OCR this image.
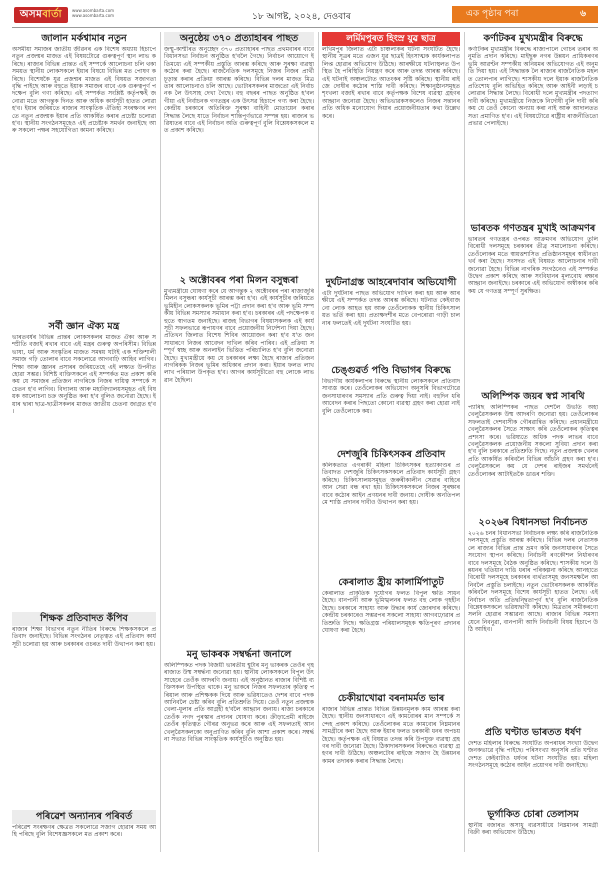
অসমবাৰ্তা	www.asombarta.com
www.asombarta.com	১৮ আগষ্ট, ২০২৪, দেওবাৰ	এক পৃষ্ঠাৰ পৰা	৬
জালান মৰ্কশ্বামাৰ নতুন
অসমীয়া সমাজৰ জাতীয় জীৱনৰ এক বিশেষ অধ্যায় হিচাপে নতুন প্ৰজন্মৰ মাজত এই বিষয়টোৱে গুৰুত্বপূৰ্ণ স্থান লাভ কৰিছে। ৰাজ্যৰ বিভিন্ন প্ৰান্তত এই সম্পৰ্কে আলোচনা চলি থকা সময়ত স্থানীয় লোকসকলে ইয়াৰ বিষয়ে বিভিন্ন মত পোষণ কৰিছে। বিশেষকৈ যুৱ প্ৰজন্মৰ মাজত এই বিষয়ত সজাগতা বৃদ্ধি পাইছে আৰু বহুতে ইয়াক সমাজৰ বাবে এক গুৰুত্বপূৰ্ণ পদক্ষেপ বুলি গণ্য কৰিছে। এই সম্পৰ্কত সংশ্লিষ্ট কৰ্তৃপক্ষই জনোৱা মতে আগন্তুক দিনত আৰু অধিক কাৰ্যসূচী হাতত লোৱা হ'ব। ইয়াৰ জৰিয়তে ৰাজ্যৰ সাংস্কৃতিক ঐতিহ্য সংৰক্ষণৰ লগতে নতুন প্ৰজন্মক ইয়াৰ প্ৰতি আকৰ্ষিত কৰাৰ প্ৰচেষ্টা চলোৱা হ'ব। স্থানীয় সংগঠনসমূহেও এই প্ৰচেষ্টাক সমৰ্থন জনাইছে আৰু সকলো পক্ষৰ সহযোগিতা কামনা কৰিছে।
সৰ্বী জ্ঞান ঐক্য মন্ত্ৰ
ভাৰতবৰ্ষৰ বিভিন্ন প্ৰান্তৰ লোকসকলৰ মাজত ঐক্য আৰু সম্প্ৰীতি বজাই ৰখাৰ বাবে এই মন্ত্ৰৰ গুৰুত্ব অপৰিসীম। বিভিন্ন ভাষা, ধৰ্ম আৰু সংস্কৃতিৰ মাজত সমন্বয় ঘটাই এক শক্তিশালী সমাজ গঢ়ি তোলাৰ বাবে সকলোৱে আগবাঢ়ি আহিব লাগিব। শিক্ষা আৰু জ্ঞানৰ প্ৰসাৰৰ জৰিয়তেহে এই লক্ষ্যত উপনীত হোৱা সম্ভৱ। বিশিষ্ট ব্যক্তিসকলে এই সম্পৰ্কত মত প্ৰকাশ কৰি কয় যে সমাজৰ প্ৰতিজন নাগৰিকে নিজৰ দায়িত্ব সম্পৰ্কে সচেতন হ'ব লাগিব। বিদ্যালয় আৰু মহাবিদ্যালয়সমূহত এই বিষয়ক আলোচনা চক্ৰ অনুষ্ঠিত কৰা হ'ব বুলিও জনোৱা হৈছে। ইয়াৰ দ্বাৰা ছাত্ৰ-ছাত্ৰীসকলৰ মাজত জাতীয় চেতনা জাগ্ৰত হ'ব।
শিক্ষক প্ৰতিবাদত কঁপিব
ৰাজ্যৰ শিক্ষা বিভাগৰ নতুন নীতিৰ বিৰুদ্ধে শিক্ষকসকলে প্ৰতিবাদ জনাইছে। বিভিন্ন সংগঠনৰ নেতৃত্বত এই প্ৰতিবাদ কাৰ্যসূচী চলোৱা হয় আৰু চৰকাৰৰ ওচৰত দাবী উত্থাপন কৰা হয়।
পৰিৱেশ অন্যান্যৰ পৰিবৰ্ত
পৰিৱেশ সংৰক্ষণৰ ক্ষেত্ৰত সকলোৱে সজাগ হোৱাৰ সময় আহি পৰিছে বুলি বিশেষজ্ঞসকলে মত প্ৰকাশ কৰে।
অনুষ্ঠেয় ৩৭০ প্ৰত্যাহাৰৰ পাছত
জম্মু-কাশ্মীৰত অনুচ্ছেদ ৩৭০ প্ৰত্যাহাৰৰ পাছত প্ৰথমবাৰৰ বাবে বিধানসভা নিৰ্বাচন অনুষ্ঠিত হ'বলৈ গৈছে। নিৰ্বাচন আয়োগে ইতিমধ্যে এই সম্পৰ্কীয় প্ৰস্তুতি আৰম্ভ কৰিছে আৰু সুৰক্ষা ব্যৱস্থা কঠোৰ কৰা হৈছে। ৰাজনৈতিক দলসমূহে নিজৰ নিজৰ প্ৰাৰ্থী চূড়ান্ত কৰাৰ প্ৰক্ৰিয়া আৰম্ভ কৰিছে। বিভিন্ন দলৰ মাজত মিত্ৰতাৰ আলোচনাও চলি আছে। ভোটাৰসকলৰ মাজতো এই নিৰ্বাচনক লৈ উৎসাহ দেখা গৈছে। বহু বছৰৰ পাছত অনুষ্ঠিত হ'বলগীয়া এই নিৰ্বাচনক গণতন্ত্ৰৰ এক উৎসৱ হিচাপে গণ্য কৰা হৈছে। কেন্দ্ৰীয় চৰকাৰে অতিৰিক্ত সুৰক্ষা বাহিনী মোতায়েন কৰাৰ সিদ্ধান্ত লৈছে যাতে নিৰ্বাচন শান্তিপূৰ্ণভাৱে সম্পন্ন হয়। ৰাজ্যৰ ভৱিষ্যতৰ বাবে এই নিৰ্বাচন অতি গুৰুত্বপূৰ্ণ বুলি বিশ্লেষকসকলে মত প্ৰকাশ কৰিছে।
২ অক্টোবৰৰ পৰা মিলন বসুন্ধৰা
মুখ্যমন্ত্ৰীয়ে ঘোষণা কৰে যে আগন্তুক ২ অক্টোবৰৰ পৰা ৰাজ্যজুৰি মিলন বসুন্ধৰা কাৰ্যসূচী আৰম্ভ কৰা হ'ব। এই কাৰ্যসূচীৰ জৰিয়তে ভূমিহীন লোকসকলক ভূমিৰ পট্টা প্ৰদান কৰা হ'ব আৰু ভূমি সম্পৰ্কীয় বিভিন্ন সমস্যাৰ সমাধান কৰা হ'ব। চৰকাৰৰ এই পদক্ষেপক বহুতে স্বাগতম জনাইছে। ৰাজহ বিভাগৰ বিষয়াসকলক এই কাৰ্যসূচী সফলভাৱে ৰূপায়ণৰ বাবে প্ৰয়োজনীয় নিৰ্দেশনা দিয়া হৈছে। প্ৰতিখন জিলাত বিশেষ শিবিৰ আয়োজন কৰা হ'ব য'ত জনসাধাৰণে নিজৰ আবেদন দাখিল কৰিব পাৰিব। এই প্ৰক্ৰিয়া সম্পূৰ্ণ স্বচ্ছ আৰু অনলাইন ভিত্তিত পৰিচালিত হ'ব বুলি জনোৱা হৈছে। মুখ্যমন্ত্ৰীয়ে কয় যে চৰকাৰৰ লক্ষ্য হৈছে ৰাজ্যৰ প্ৰতিজন নাগৰিকক নিজৰ ভূমিৰ অধিকাৰ প্ৰদান কৰা। ইয়াৰ ফলত লাখ লাখ পৰিয়াল উপকৃত হ'ব। আগৰ কাৰ্যসূচীতো বহু লোকে লাভৱান হৈছিল।
মনু ভাকৰক সম্বৰ্দ্ধনা জনালে
অলিম্পিকত পদক বিজয়ী ভাৰতীয় শ্বুটাৰ মনু ভাকৰক তেওঁৰ গৃহৰাজ্যত উষ্ম সম্বৰ্দ্ধনা জনোৱা হয়। স্থানীয় লোকসকলে বিপুল উৎসাহেৰে তেওঁক আদৰণি জনায়। এই অনুষ্ঠানত ৰাজ্যৰ বিশিষ্ট ব্যক্তিসকল উপস্থিত থাকে। মনু ভাকৰে নিজৰ সফলতাৰ কৃতিত্ব পৰিয়াল আৰু প্ৰশিক্ষকক দিয়ে আৰু ভৱিষ্যতেও দেশৰ বাবে পদক আনিবলৈ চেষ্টা কৰিব বুলি প্ৰতিশ্ৰুতি দিয়ে। তেওঁ নতুন প্ৰজন্মক খেলা-ধূলাৰ প্ৰতি আগ্ৰহী হ'বলৈ আহ্বান জনায়। ৰাজ্য চৰকাৰে তেওঁক নগদ পুৰস্কাৰ প্ৰদানৰ ঘোষণা কৰে। ক্ৰীড়াপ্ৰেমী ৰাইজে তেওঁৰ কৃতিত্বত গৌৰৱ অনুভৱ কৰে আৰু এই সফলতাই আন খেলুৱৈসকলকো অনুপ্ৰাণিত কৰিব বুলি আশা প্ৰকাশ কৰে। সম্বৰ্দ্ধনা সভাত বিভিন্ন সাংস্কৃতিক কাৰ্যসূচীও অনুষ্ঠিত হয়।
লৰ্মিমপুৰত হিংস্ৰ যুৱ ছাত্ৰ
লখিমপুৰ জিলাত এটা চাঞ্চল্যকৰ ঘটনা সংঘটিত হৈছে। স্থানীয় সূত্ৰৰ মতে এজন যুৱ ছাত্ৰই হিংসাত্মক কাৰ্যকলাপত লিপ্ত হোৱাৰ অভিযোগ উঠিছে। আৰক্ষীয়ে ঘটনাস্থলত উপস্থিত হৈ পৰিস্থিতি নিয়ন্ত্ৰণ কৰে আৰু তদন্ত আৰম্ভ কৰিছে। এই ঘটনাই অঞ্চলটোত আতংকৰ সৃষ্টি কৰিছে। স্থানীয় ৰাইজে দোষীৰ কঠোৰ শাস্তি দাবী কৰিছে। শিক্ষানুষ্ঠানসমূহত শৃংখলা বজাই ৰখাৰ বাবে কৰ্তৃপক্ষক বিশেষ ব্যৱস্থা গ্ৰহণৰ আহ্বান জনোৱা হৈছে। অভিভাৱকসকলেও নিজৰ সন্তানৰ প্ৰতি অধিক মনোযোগ দিয়াৰ প্ৰয়োজনীয়তাৰ কথা উল্লেখ কৰে।
দুৰ্ঘটনাগ্ৰস্ত আহৰেদাবাৰ অভিযোগী
এটা দুৰ্ঘটনাৰ পাছত অভিযোগ দাখিল কৰা হয় আৰু আৰক্ষীয়ে এই সম্পৰ্কত তদন্ত আৰম্ভ কৰিছে। ঘটনাত কেইবাজনো লোক আহত হয় আৰু তেওঁলোকক স্থানীয় চিকিৎসালয়ত ভৰ্তি কৰা হয়। প্ৰত্যক্ষদৰ্শীৰ মতে বেপৰোৱা গাড়ী চালনাৰ ফলতেই এই দুৰ্ঘটনা সংঘটিত হয়।
চেঙ্গুৱৰ্ত পণ্ডি বিভাগৰ বিৰুদ্ধে
বিভাগীয় কাৰ্যকলাপৰ বিৰুদ্ধে স্থানীয় লোকসকলে প্ৰতিবাদ সাব্যস্ত কৰে। তেওঁলোকৰ অভিযোগ অনুসৰি বিভাগটোৱে জনসাধাৰণৰ সমস্যাৰ প্ৰতি গুৰুত্ব দিয়া নাই। বহুদিন ধৰি আবেদন কৰাৰ পিছতো কোনো ব্যৱস্থা গ্ৰহণ কৰা হোৱা নাই বুলি তেওঁলোকে কয়।
দেশজুৰি চিকিৎসকৰ প্ৰতিবাদ
কলিকতাত এগৰাকী মহিলা চিকিৎসকৰ হত্যাকাণ্ডৰ প্ৰতিবাদত দেশজুৰি চিকিৎসকসকলে প্ৰতিবাদ কাৰ্যসূচী গ্ৰহণ কৰিছে। চিকিৎসালয়সমূহত জৰুৰীকালীন সেৱাৰ বাহিৰে আন সেৱা বন্ধ ৰখা হয়। চিকিৎসকসকলে নিজৰ সুৰক্ষাৰ বাবে কঠোৰ আইন প্ৰণয়নৰ দাবী জনায়। দোষীক অনতিপলমে শাস্তি প্ৰদানৰ দাবীও উত্থাপন কৰা হয়।
কেৰালাত হ্ৰীয় কালাৰ্মিপাতুট
কেৰালাত প্ৰাকৃতিক দুৰ্যোগৰ ফলত বিপুল ক্ষতি সাধন হৈছে। বানপানী আৰু ভূমিস্খলনৰ ফলত বহু লোক গৃহহীন হৈছে। চৰকাৰে সাহায্য আৰু উদ্ধাৰ কাৰ্য জোৰদাৰ কৰিছে। কেন্দ্ৰীয় চৰকাৰেও সম্ভৱপৰ সকলো সাহায্য আগবঢ়োৱাৰ প্ৰতিশ্ৰুতি দিছে। ক্ষতিগ্ৰস্ত পৰিয়ালসমূহক ক্ষতিপূৰণ প্ৰদানৰ ঘোষণা কৰা হৈছে।
চেকীয়াখোৱা বৰনামৰ্মত ভাৰ
ৰাজ্যৰ বিভিন্ন প্ৰান্তত বিভিন্ন উন্নয়নমূলক কাম আৰম্ভ কৰা হৈছে। স্থানীয় জনসাধাৰণে এই কামবোৰৰ মান সম্পৰ্কে সন্দেহ প্ৰকাশ কৰিছে। তেওঁলোকৰ মতে কামবোৰ নিম্নমানৰ সামগ্ৰীৰে কৰা হৈছে আৰু ইয়াৰ ফলত চৰকাৰী ধনৰ অপচয় হৈছে। কৰ্তৃপক্ষক এই বিষয়ত তদন্ত কৰি উপযুক্ত ব্যৱস্থা গ্ৰহণৰ দাবী জনোৱা হৈছে। ঠিকাদাৰসকলৰ বিৰুদ্ধেও ব্যৱস্থা গ্ৰহণৰ দাবী উঠিছে। অঞ্চলটোৰ ৰাইজে সজাগ হৈ উন্নয়নৰ কামৰ তদাৰক কৰাৰ সিদ্ধান্ত লৈছে।
কৰ্ণাটকৰ মুখ্যমন্ত্ৰীৰ বিৰুদ্ধে
কৰ্ণাটকৰ মুখ্যমন্ত্ৰীৰ বিৰুদ্ধে ৰাজ্যপালে গোচৰ তৰাৰ অনুমতি প্ৰদান কৰিছে। মাইছুৰু নগৰ উন্নয়ন প্ৰাধিকৰণৰ ভূমি আৱণ্টন সম্পৰ্কীয় অনিয়মৰ অভিযোগত এই অনুমতি দিয়া হয়। এই সিদ্ধান্তক লৈ ৰাজ্যৰ ৰাজনৈতিক মহলত তোলপাৰ লাগিছে। শাসকীয় দলে ইয়াক ৰাজনৈতিক প্ৰতিশোধ বুলি অভিহিত কৰিছে আৰু আইনী লড়াই চলোৱাৰ সিদ্ধান্ত লৈছে। বিৰোধী দলে মুখ্যমন্ত্ৰীৰ পদত্যাগ দাবী কৰিছে। মুখ্যমন্ত্ৰীয়ে নিজকে নিৰ্দোষী বুলি দাবী কৰি কয় যে তেওঁ কোনো অন্যায় কৰা নাই আৰু আদালতত সত্য প্ৰমাণিত হ'ব। এই বিষয়টোৱে ৰাষ্ট্ৰীয় ৰাজনীতিতো প্ৰভাৱ পেলাইছে।
ভাৰতক গণতন্ত্ৰৰ মুখাই আক্ৰমণৰ
ভাৰতৰ গণতন্ত্ৰৰ ওপৰত আক্ৰমণৰ অভিযোগ তুলি বিৰোধী দলসমূহে চৰকাৰৰ তীব্ৰ সমালোচনা কৰিছে। তেওঁলোকৰ মতে স্বায়ত্তশাসিত প্ৰতিষ্ঠানসমূহৰ স্বাধীনতা খৰ্ব কৰা হৈছে। সংসদত এই বিষয়ত আলোচনাৰ দাবী জনোৱা হৈছে। বিভিন্ন নাগৰিক সংগঠনেও এই সম্পৰ্কত উদ্বেগ প্ৰকাশ কৰিছে আৰু সংবিধানৰ মূল্যবোধ ৰক্ষাৰ আহ্বান জনাইছে। চৰকাৰে এই অভিযোগ অস্বীকাৰ কৰি কয় যে গণতন্ত্ৰ সম্পূৰ্ণ সুৰক্ষিত।
অলিম্পিক জয়ৰ স্বপ্ন সাৰথি
প্যাৰিছ অলিম্পিকৰ পাছত দেশলৈ উভতি অহা খেলুৱৈসকলক উষ্ম আদৰণি জনোৱা হয়। তেওঁলোকৰ সফলতাই দেশবাসীক গৌৰৱান্বিত কৰিছে। প্ৰধানমন্ত্ৰীয়ে খেলুৱৈসকলৰ সৈতে সাক্ষাৎ কৰি তেওঁলোকৰ কৃতিত্বৰ প্ৰশংসা কৰে। ভৱিষ্যতে অধিক পদক লাভৰ বাবে খেলুৱৈসকলক প্ৰয়োজনীয় সকলো সুবিধা প্ৰদান কৰা হ'ব বুলি চৰকাৰে প্ৰতিশ্ৰুতি দিছে। নতুন প্ৰজন্মক খেলৰ প্ৰতি আকৰ্ষিত কৰিবলৈ বিভিন্ন আঁচনি গ্ৰহণ কৰা হ'ব। খেলুৱৈসকলে কয় যে দেশৰ ৰাইজৰ সমৰ্থনেই তেওঁলোকৰ আটাইতকৈ ডাঙৰ শক্তি।
২০২৬ৰ বিধানসভা নিৰ্বাচনত
২০২৬ চনৰ বিধানসভা নিৰ্বাচনক লক্ষ্য কৰি ৰাজনৈতিক দলসমূহে প্ৰস্তুতি আৰম্ভ কৰিছে। বিভিন্ন দলৰ নেতাসকলে ৰাজ্যৰ বিভিন্ন প্ৰান্ত ভ্ৰমণ কৰি জনসাধাৰণৰ সৈতে সংযোগ স্থাপন কৰিছে। নিৰ্বাচনী ৰণকৌশল নিৰ্ধাৰণৰ বাবে দলসমূহে বৈঠক অনুষ্ঠিত কৰিছে। শাসকীয় দলে উন্নয়নৰ খতিয়ান দাঙি ধৰাৰ পৰিকল্পনা কৰিছে আনহাতে বিৰোধী দলসমূহে চৰকাৰৰ ব্যৰ্থতাসমূহ জনসমক্ষলৈ আনিবলৈ প্ৰস্তুতি চলাইছে। নতুন ভোটাৰসকলক আকৰ্ষিত কৰিবলৈ দলসমূহে বিশেষ কাৰ্যসূচী হাতত লৈছে। এই নিৰ্বাচন অতি প্ৰতিদ্বন্দ্বিতাপূৰ্ণ হ'ব বুলি ৰাজনৈতিক বিশ্লেষকসকলে ভৱিষ্যদ্বাণী কৰিছে। মিত্ৰতাৰ সমীকৰণো সলনি হোৱাৰ সম্ভাৱনা আছে। ৰাজ্যৰ বিভিন্ন সমস্যা যেনে নিবনুৱা, বানপানী আদি নিৰ্বাচনী বিষয় হিচাপে উঠি আহিব।
প্ৰতি ঘণ্টাত ভাৰতত ধৰ্ষণ
দেশত মহিলাৰ বিৰুদ্ধে সংঘটিত অপৰাধৰ সংখ্যা উদ্বেগজনকভাৱে বৃদ্ধি পাইছে। পৰিসংখ্যা অনুসৰি প্ৰতি ঘণ্টাত দেশত কেইবাটাও ধৰ্ষণৰ ঘটনা সংঘটিত হয়। মহিলা সংগঠনসমূহে কঠোৰ আইন প্ৰয়োগৰ দাবী জনাইছে।
ভূৰ্গাকিত চোৰা তেলাসম
স্থানীয় বজাৰত অসাধু ব্যৱসায়ীয়ে নিম্নমানৰ সামগ্ৰী বিক্ৰী কৰা অভিযোগ উঠিছে।
